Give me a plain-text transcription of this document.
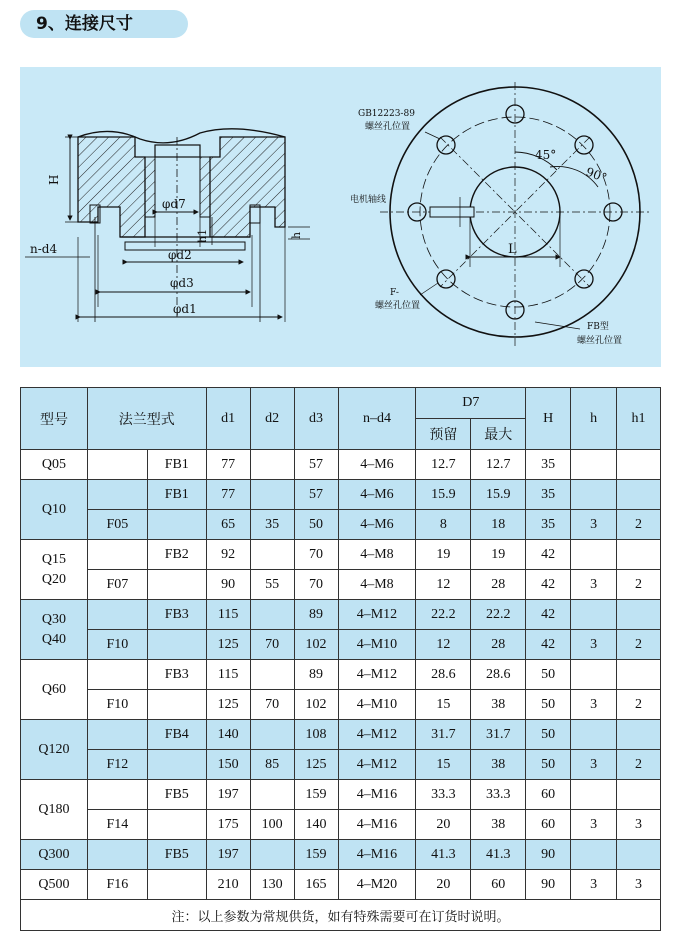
9、连接尺寸
H
n-d4
φd7
φd2
φd3
φd1
h1	h
GB12223-89
螺丝孔位置
45°
90°
电机轴线
L
F-
螺丝孔位置
FB型
螺丝孔位置
型号	法兰型式		d1	d2	d3	n–d4	D7		H	h	h1
							预留	最大			
Q05		FB1	77		57	4–M6	12.7	12.7	35		
Q10		FB1	77		57	4–M6	15.9	15.9	35		
	F05		65	35	50	4–M6	8	18	35	3	2
Q15
Q20		FB2	92		70	4–M8	19	19	42		
	F07		90	55	70	4–M8	12	28	42	3	2
Q30
Q40		FB3	115		89	4–M12	22.2	22.2	42		
	F10		125	70	102	4–M10	12	28	42	3	2
Q60		FB3	115		89	4–M12	28.6	28.6	50		
	F10		125	70	102	4–M10	15	38	50	3	2
Q120		FB4	140		108	4–M12	31.7	31.7	50		
	F12		150	85	125	4–M12	15	38	50	3	2
Q180		FB5	197		159	4–M16	33.3	33.3	60		
	F14		175	100	140	4–M16	20	38	60	3	3
Q300		FB5	197		159	4–M16	41.3	41.3	90		
Q500	F16		210	130	165	4–M20	20	60	90	3	3
注：以上参数为常规供货，如有特殊需要可在订货时说明。											
